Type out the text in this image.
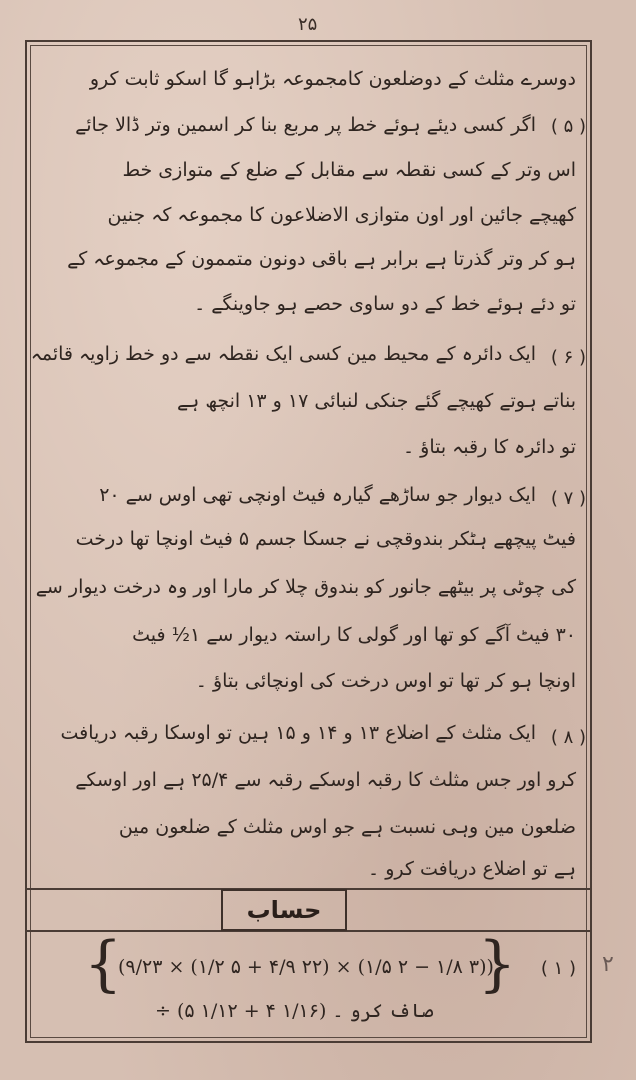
۲۵
دوسرے مثلث کے دوضلعون کامجموعہ بڑاہو گا اسکو ثابت کرو
اگر کسی دیئے ہوئے خط پر مربع بنا کر اسمین وتر ڈالا جائے
اس وتر کے کسی نقطہ سے مقابل کے ضلع کے متوازی خط
کھیچے جائین اور اون متوازی الاضلاعون کا مجموعہ کہ جنین
ہو کر وتر گذرتا ہے برابر ہے باقی دونون متممون کے مجموعہ کے
تو دئے ہوئے خط کے دو ساوی حصے ہو جاوینگے ۔
ایک دائرہ کے محیط مین کسی ایک نقطہ سے دو خط زاویہ قائمہ
بناتے ہوتے کھیچے گئے جنکی لنبائی ۱۷ و ۱۳ انچھ ہے
تو دائرہ کا رقبہ بتاؤ ۔
ایک دیوار جو ساڑھے گیارہ فیٹ اونچی تھی اوس سے ۲۰
فیٹ پیچھے ہٹکر بندوقچی نے جسکا جسم ۵ فیٹ اونچا تھا درخت
کی چوٹی پر بیٹھے جانور کو بندوق چلا کر مارا اور وہ درخت دیوار سے
۳۰ فیٹ آگے کو تھا اور گولی کا راستہ دیوار سے ۱½ فیٹ
اونچا ہو کر تھا تو اوس درخت کی اونچائی بتاؤ ۔
ایک مثلث کے اضلاع ۱۳ و ۱۴ و ۱۵ ہین تو اوسکا رقبہ دریافت
کرو اور جس مثلث کا رقبہ اوسکے رقبہ سے ۲۵/۴ ہے اور اوسکے
ضلعون مین وہی نسبت ہے جو اوس مثلث کے ضلعون مین
ہے تو اضلاع دریافت کرو ۔
( ۵ )
( ۶ )
( ۷ )
( ۸ )
حساب
{	}
(۹/۲۳ × (۱/۲ ۵ + ۴/۹ ۲۲) × (۱/۵ ۲ − ۱/۸ ۳))
صاف کرو ۔ (۱/۱۶ ۴ + ۱/۱۲ ۵) ÷
( ۱ ) ۲
